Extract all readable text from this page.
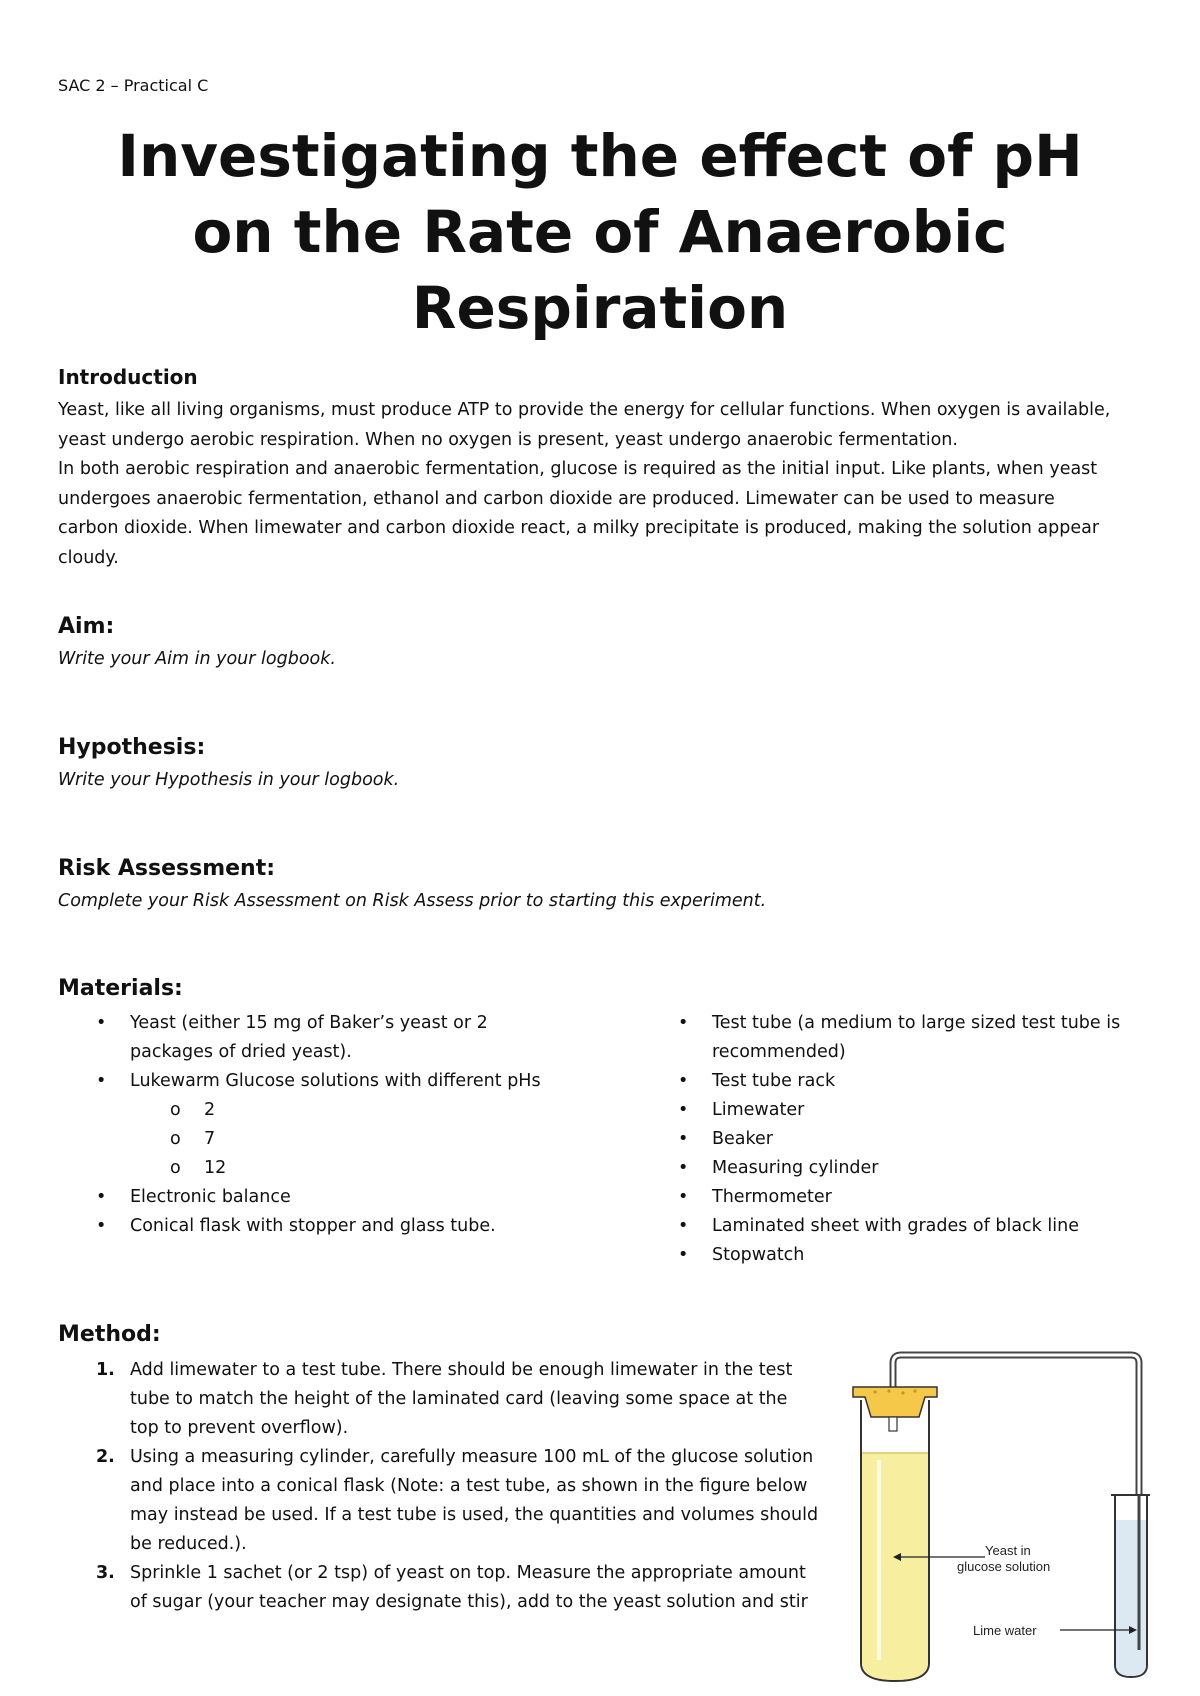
SAC 2 – Practical C
Investigating the effect of pH
on the Rate of Anaerobic
Respiration
Introduction
Yeast, like all living organisms, must produce ATP to provide the energy for cellular functions. When oxygen is available,
yeast undergo aerobic respiration. When no oxygen is present, yeast undergo anaerobic fermentation.
In both aerobic respiration and anaerobic fermentation, glucose is required as the initial input. Like plants, when yeast
undergoes anaerobic fermentation, ethanol and carbon dioxide are produced. Limewater can be used to measure
carbon dioxide. When limewater and carbon dioxide react, a milky precipitate is produced, making the solution appear
cloudy.
Aim:

Write your Aim in your logbook.

Hypothesis:

Write your Hypothesis in your logbook.

Risk Assessment:

Complete your Risk Assessment on Risk Assess prior to starting this experiment.

Materials:
• Yeast (either 15 mg of Baker’s yeast or 2
packages of dried yeast).
• Lukewarm Glucose solutions with different pHs
o 2
o 7
o 12
• Electronic balance
• Conical flask with stopper and glass tube.
• Test tube (a medium to large sized test tube is
recommended)
• Test tube rack
• Limewater
• Beaker
• Measuring cylinder
• Thermometer
• Laminated sheet with grades of black line
• Stopwatch
Method:
1. Add limewater to a test tube. There should be enough limewater in the test
tube to match the height of the laminated card (leaving some space at the
top to prevent overflow).
2. Using a measuring cylinder, carefully measure 100 mL of the glucose solution
and place into a conical flask (Note: a test tube, as shown in the figure below
may instead be used. If a test tube is used, the quantities and volumes should
be reduced.).
3. Sprinkle 1 sachet (or 2 tsp) of yeast on top. Measure the appropriate amount
of sugar (your teacher may designate this), add to the yeast solution and stir
Yeast in
glucose solution
Lime water
